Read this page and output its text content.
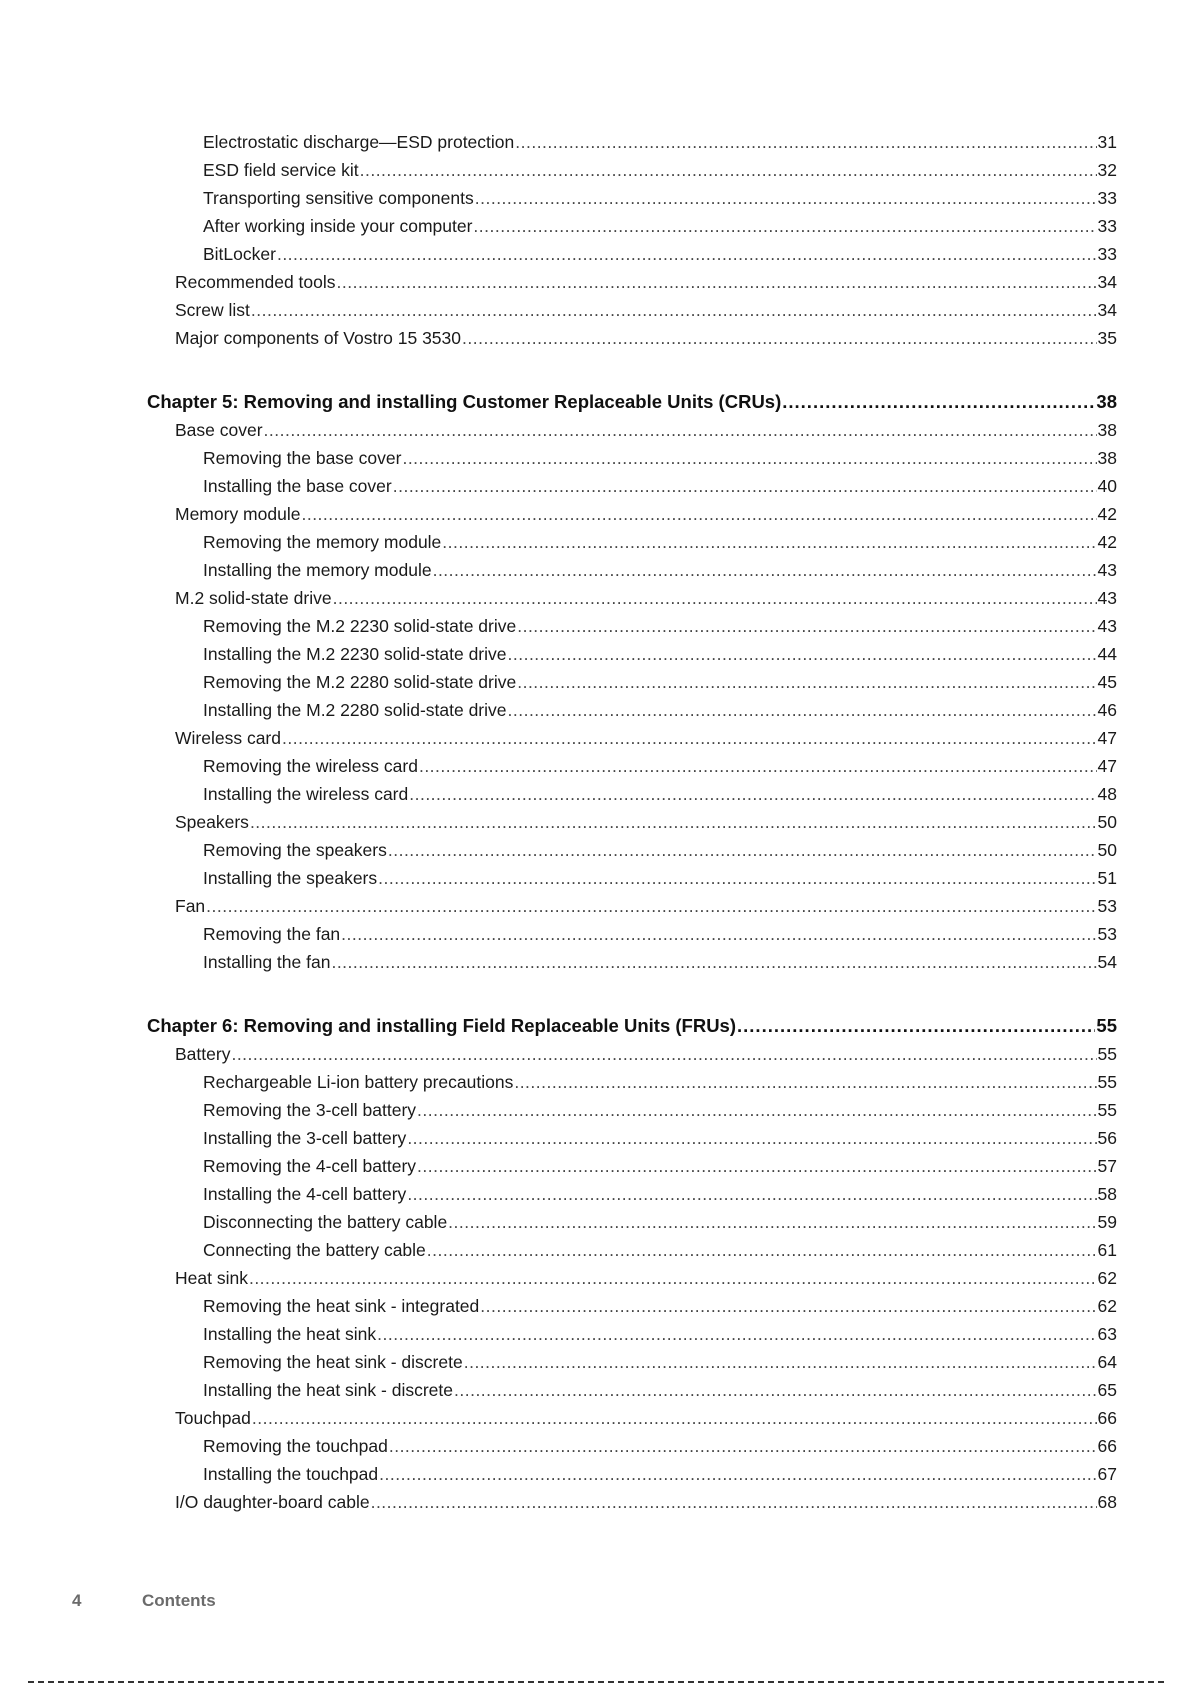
Electrostatic discharge—ESD protection .....	31
ESD field service kit .....	32
Transporting sensitive components .....	33
After working inside your computer .....	33
BitLocker .....	33
Recommended tools .....	34
Screw list .....	34
Major components of Vostro 15 3530 .....	35
Chapter 5: Removing and installing Customer Replaceable Units (CRUs) .....	38
Base cover .....	38
Removing the base cover .....	38
Installing the base cover .....	40
Memory module .....	42
Removing the memory module .....	42
Installing the memory module .....	43
M.2 solid-state drive .....	43
Removing the M.2 2230 solid-state drive .....	43
Installing the M.2 2230 solid-state drive .....	44
Removing the M.2 2280 solid-state drive .....	45
Installing the M.2 2280 solid-state drive .....	46
Wireless card .....	47
Removing the wireless card .....	47
Installing the wireless card .....	48
Speakers .....	50
Removing the speakers .....	50
Installing the speakers .....	51
Fan .....	53
Removing the fan .....	53
Installing the fan .....	54
Chapter 6: Removing and installing Field Replaceable Units (FRUs) .....	55
Battery .....	55
Rechargeable Li-ion battery precautions .....	55
Removing the 3-cell battery .....	55
Installing the 3-cell battery .....	56
Removing the 4-cell battery .....	57
Installing the 4-cell battery .....	58
Disconnecting the battery cable .....	59
Connecting the battery cable .....	61
Heat sink .....	62
Removing the heat sink - integrated .....	62
Installing the heat sink .....	63
Removing the heat sink - discrete .....	64
Installing the heat sink - discrete .....	65
Touchpad .....	66
Removing the touchpad .....	66
Installing the touchpad .....	67
I/O daughter-board cable .....	68
4	Contents
